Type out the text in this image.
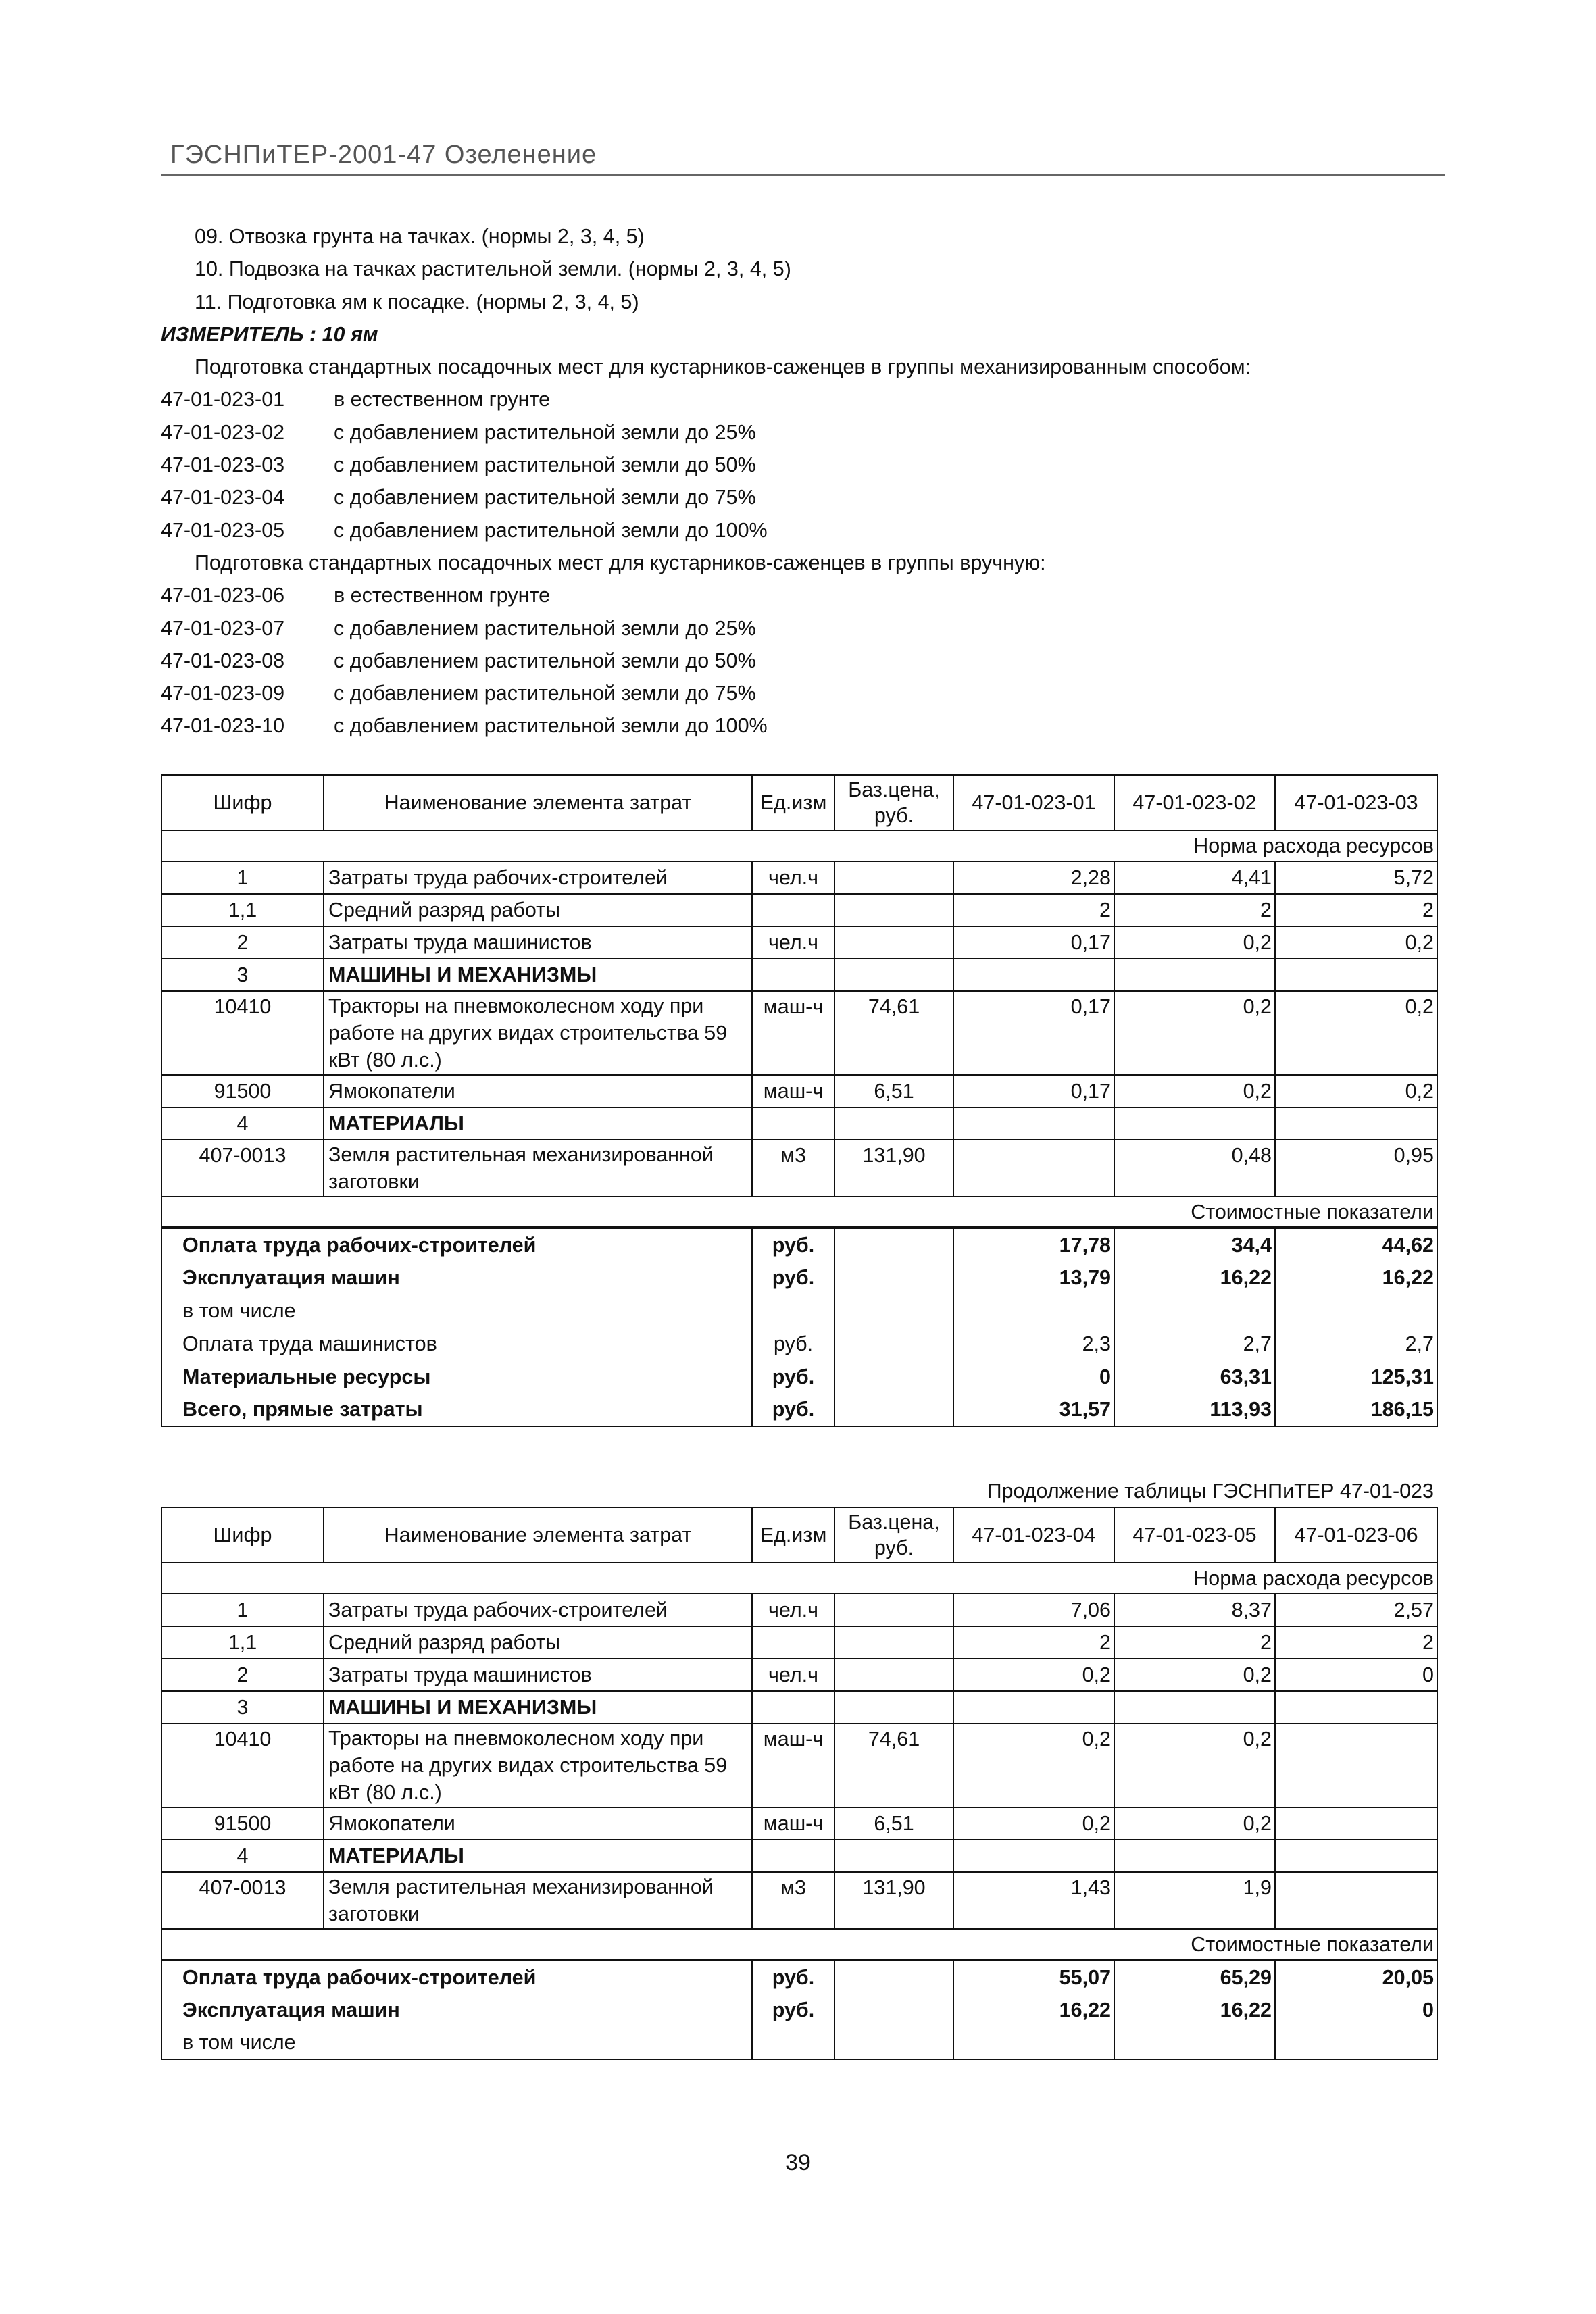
ГЭСНПиТЕР-2001-47 Озеленение
09. Отвозка грунта на тачках. (нормы 2, 3, 4, 5)
10. Подвозка на тачках растительной земли. (нормы 2, 3, 4, 5)
11. Подготовка ям к посадке. (нормы 2, 3, 4, 5)
ИЗМЕРИТЕЛЬ : 10 ям
Подготовка стандартных посадочных мест для кустарников-саженцев в группы механизированным способом:
47-01-023-01 в естественном грунте
47-01-023-02 с добавлением растительной земли до 25%
47-01-023-03 с добавлением растительной земли до 50%
47-01-023-04 с добавлением растительной земли до 75%
47-01-023-05 с добавлением растительной земли до 100%
Подготовка стандартных посадочных мест для кустарников-саженцев в группы вручную:
47-01-023-06 в естественном грунте
47-01-023-07 с добавлением растительной земли до 25%
47-01-023-08 с добавлением растительной земли до 50%
47-01-023-09 с добавлением растительной земли до 75%
47-01-023-10 с добавлением растительной земли до 100%
Шифр	Наименование элемента затрат	Ед.изм	Баз.цена, руб.	47-01-023-01	47-01-023-02	47-01-023-03
Норма расхода ресурсов						
1	Затраты труда рабочих-строителей	чел.ч		2,28	4,41	5,72
1,1	Средний разряд работы			2	2	2
2	Затраты труда машинистов	чел.ч		0,17	0,2	0,2
3	МАШИНЫ И МЕХАНИЗМЫ					
10410	Тракторы на пневмоколесном ходу при работе на других видах строительства 59 кВт (80 л.с.)	маш-ч	74,61	0,17	0,2	0,2
91500	Ямокопатели	маш-ч	6,51	0,17	0,2	0,2
4	МАТЕРИАЛЫ					
407-0013	Земля растительная механизированной заготовки	м3	131,90		0,48	0,95
Стоимостные показатели						
Оплата труда рабочих-строителей		руб.		17,78	34,4	44,62
Эксплуатация машин		руб.		13,79	16,22	16,22
в том числе						
Оплата труда машинистов		руб.		2,3	2,7	2,7
Материальные ресурсы		руб.		0	63,31	125,31
Всего, прямые затраты		руб.		31,57	113,93	186,15
Продолжение таблицы ГЭСНПиТЕР 47-01-023
Шифр	Наименование элемента затрат	Ед.изм	Баз.цена, руб.	47-01-023-04	47-01-023-05	47-01-023-06
Норма расхода ресурсов						
1	Затраты труда рабочих-строителей	чел.ч		7,06	8,37	2,57
1,1	Средний разряд работы			2	2	2
2	Затраты труда машинистов	чел.ч		0,2	0,2	0
3	МАШИНЫ И МЕХАНИЗМЫ					
10410	Тракторы на пневмоколесном ходу при работе на других видах строительства 59 кВт (80 л.с.)	маш-ч	74,61	0,2	0,2	
91500	Ямокопатели	маш-ч	6,51	0,2	0,2	
4	МАТЕРИАЛЫ					
407-0013	Земля растительная механизированной заготовки	м3	131,90	1,43	1,9	
Стоимостные показатели						
Оплата труда рабочих-строителей		руб.		55,07	65,29	20,05
Эксплуатация машин		руб.		16,22	16,22	0
в том числе						
39
